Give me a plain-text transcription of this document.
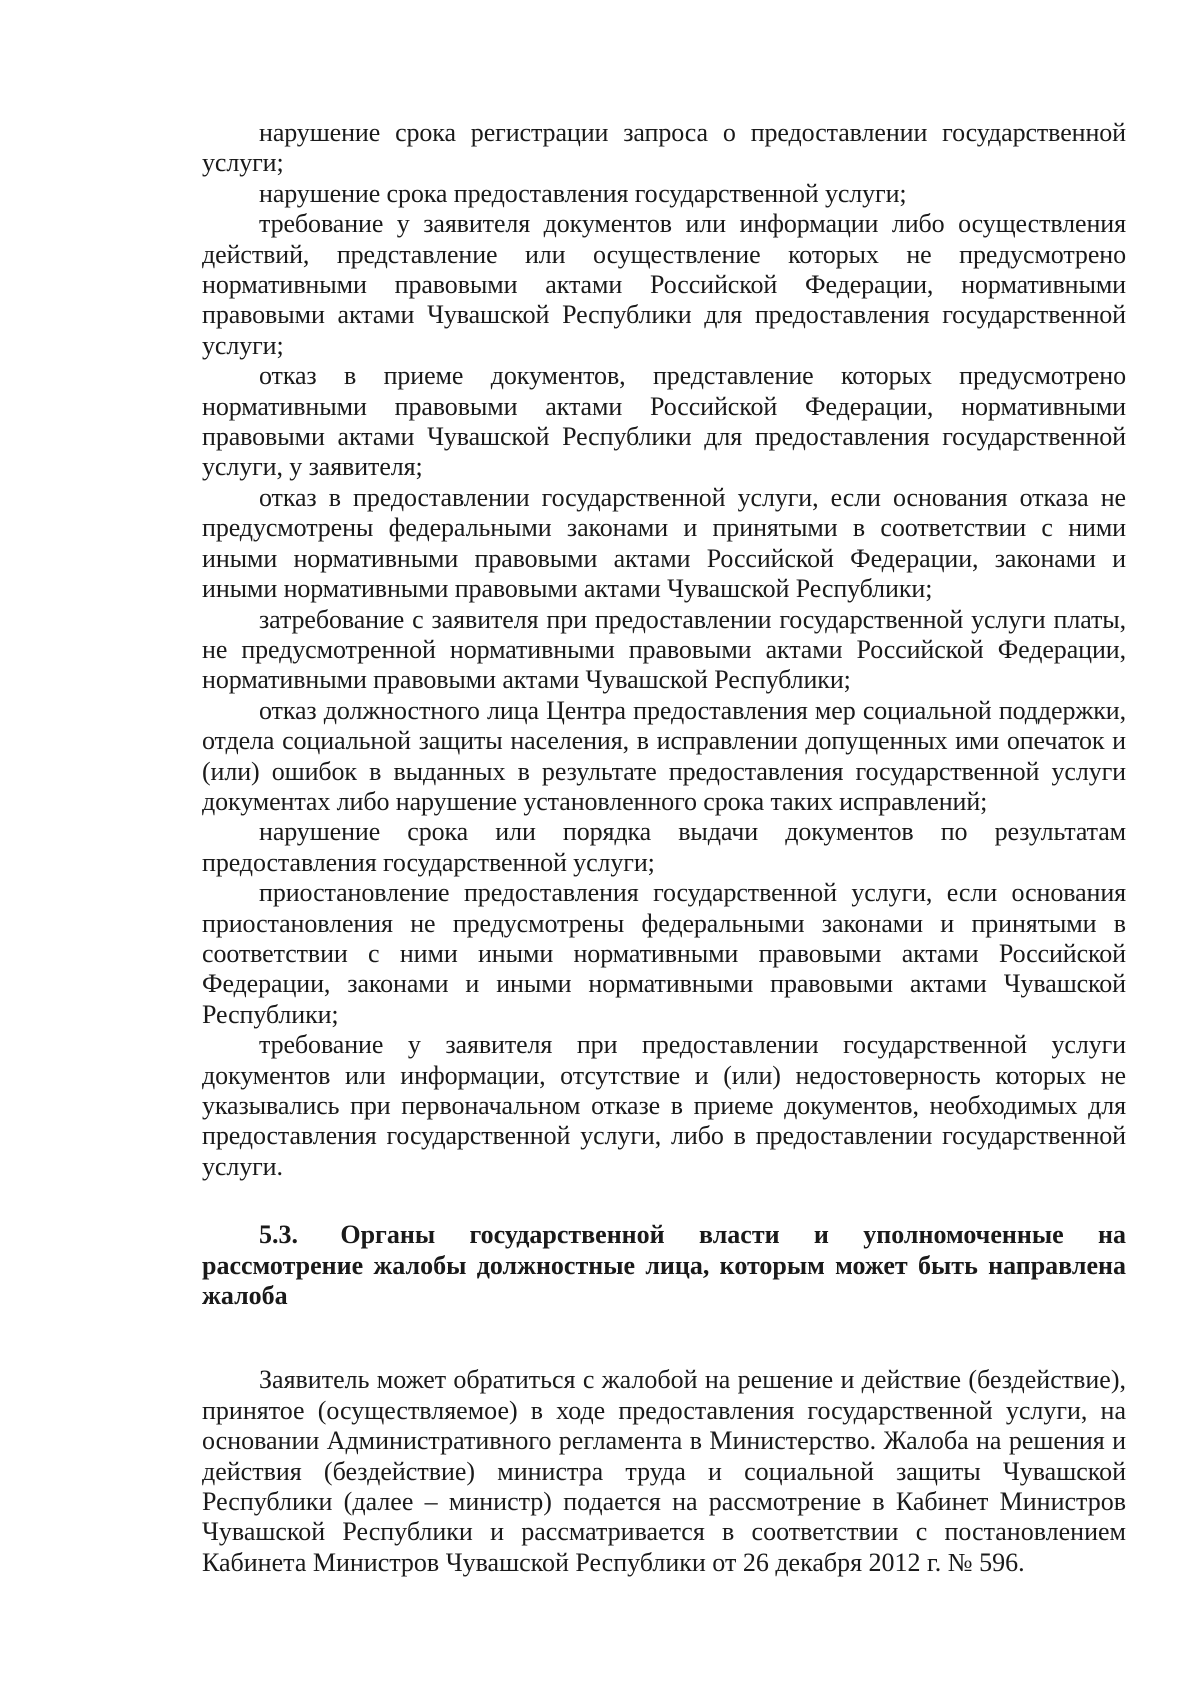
нарушение срока регистрации запроса о предоставлении государственной услуги;

нарушение срока предоставления государственной услуги;

требование у заявителя документов или информации либо осуществления действий, представление или осуществление которых не предусмотрено нормативными правовыми актами Российской Федерации, нормативными правовыми актами Чувашской Республики для предоставления государственной услуги;

отказ в приеме документов, представление которых предусмотрено нормативными правовыми актами Российской Федерации, нормативными правовыми актами Чувашской Республики для предоставления государственной услуги, у заявителя;

отказ в предоставлении государственной услуги, если основания отказа не предусмотрены федеральными законами и принятыми в соответствии с ними иными нормативными правовыми актами Российской Федерации, законами и иными нормативными правовыми актами Чувашской Республики;

затребование с заявителя при предоставлении государственной услуги платы, не предусмотренной нормативными правовыми актами Российской Федерации, нормативными правовыми актами Чувашской Республики;

отказ должностного лица Центра предоставления мер социальной поддержки, отдела социальной защиты населения, в исправлении допущенных ими опечаток и (или) ошибок в выданных в результате предоставления государственной услуги документах либо нарушение установленного срока таких исправлений;

нарушение срока или порядка выдачи документов по результатам предоставления государственной услуги;

приостановление предоставления государственной услуги, если основания приостановления не предусмотрены федеральными законами и принятыми в соответствии с ними иными нормативными правовыми актами Российской Федерации, законами и иными нормативными правовыми актами Чувашской Республики;

требование у заявителя при предоставлении государственной услуги документов или информации, отсутствие и (или) недостоверность которых не указывались при первоначальном отказе в приеме документов, необходимых для предоставления государственной услуги, либо в предоставлении государственной услуги.

5.3. Органы государственной власти и уполномоченные на рассмотрение жалобы должностные лица, которым может быть направлена жалоба

Заявитель может обратиться с жалобой на решение и действие (бездействие), принятое (осуществляемое) в ходе предоставления государственной услуги, на основании Административного регламента в Министерство. Жалоба на решения и действия (бездействие) министра труда и социальной защиты Чувашской Республики (далее – министр) подается на рассмотрение в Кабинет Министров Чувашской Республики и рассматривается в соответствии с постановлением Кабинета Министров Чувашской Республики от 26 декабря 2012 г. № 596.
